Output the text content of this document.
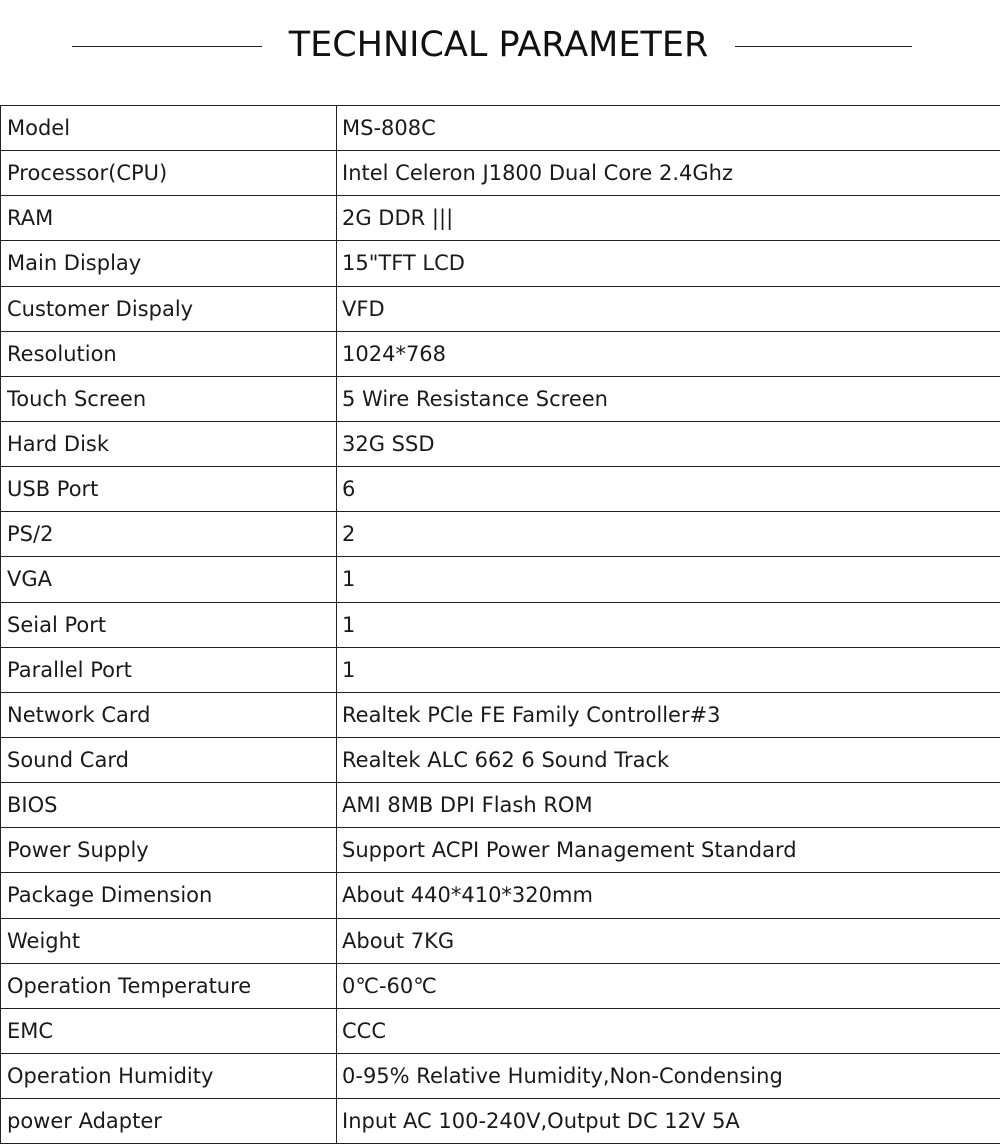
TECHNICAL PARAMETER
Model	MS-808C
Processor(CPU)	Intel Celeron J1800 Dual Core 2.4Ghz
RAM	2G DDR |||
Main Display	15"TFT LCD
Customer Dispaly	VFD
Resolution	1024*768
Touch Screen	5 Wire Resistance Screen
Hard Disk	32G SSD
USB Port	6
PS/2	2
VGA	1
Seial Port	1
Parallel Port	1
Network Card	Realtek PCle FE Family Controller#3
Sound Card	Realtek ALC 662 6 Sound Track
BIOS	AMI 8MB DPI Flash ROM
Power Supply	Support ACPI Power Management Standard
Package Dimension	About 440*410*320mm
Weight	About 7KG
Operation Temperature	0℃-60℃
EMC	CCC
Operation Humidity	0-95% Relative Humidity,Non-Condensing
power Adapter	Input AC 100-240V,Output DC 12V 5A
